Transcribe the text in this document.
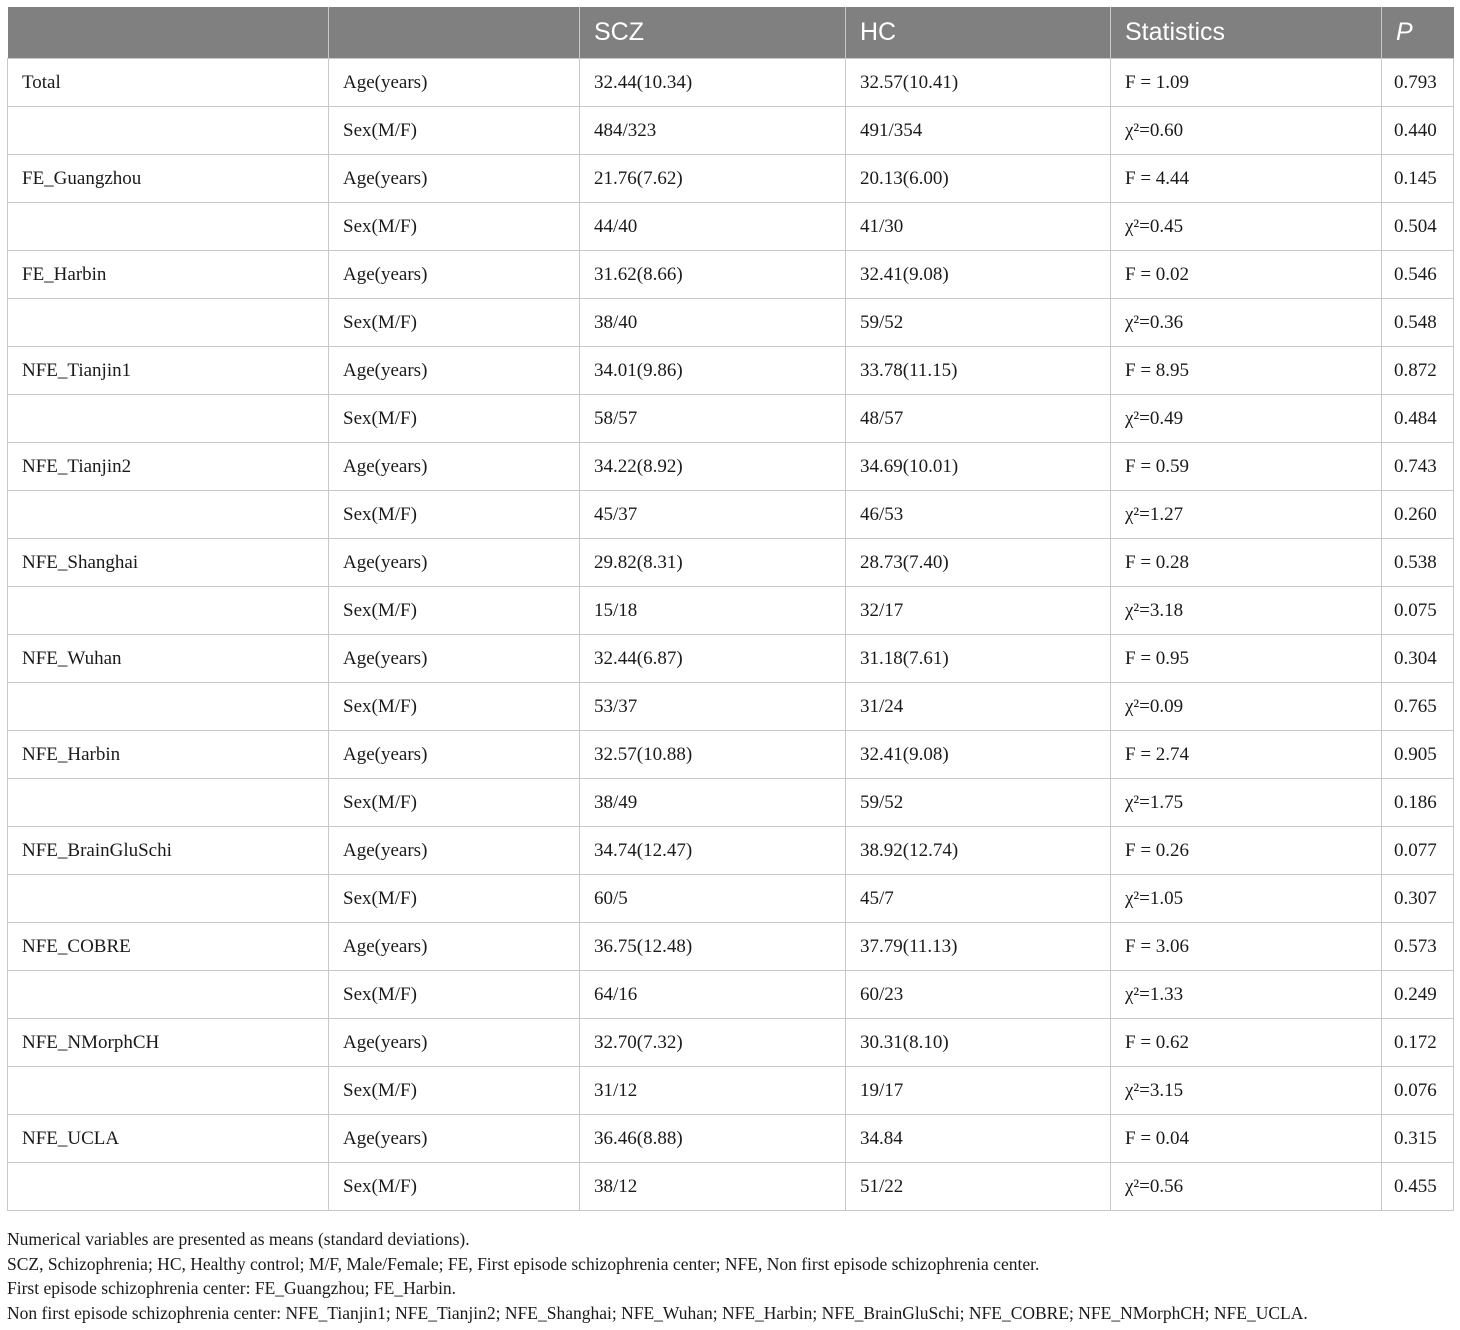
		SCZ	HC	Statistics	P
Total	Age(years)	32.44(10.34)	32.57(10.41)	F = 1.09	0.793
	Sex(M/F)	484/323	491/354	χ²=0.60	0.440
FE_Guangzhou	Age(years)	21.76(7.62)	20.13(6.00)	F = 4.44	0.145
	Sex(M/F)	44/40	41/30	χ²=0.45	0.504
FE_Harbin	Age(years)	31.62(8.66)	32.41(9.08)	F = 0.02	0.546
	Sex(M/F)	38/40	59/52	χ²=0.36	0.548
NFE_Tianjin1	Age(years)	34.01(9.86)	33.78(11.15)	F = 8.95	0.872
	Sex(M/F)	58/57	48/57	χ²=0.49	0.484
NFE_Tianjin2	Age(years)	34.22(8.92)	34.69(10.01)	F = 0.59	0.743
	Sex(M/F)	45/37	46/53	χ²=1.27	0.260
NFE_Shanghai	Age(years)	29.82(8.31)	28.73(7.40)	F = 0.28	0.538
	Sex(M/F)	15/18	32/17	χ²=3.18	0.075
NFE_Wuhan	Age(years)	32.44(6.87)	31.18(7.61)	F = 0.95	0.304
	Sex(M/F)	53/37	31/24	χ²=0.09	0.765
NFE_Harbin	Age(years)	32.57(10.88)	32.41(9.08)	F = 2.74	0.905
	Sex(M/F)	38/49	59/52	χ²=1.75	0.186
NFE_BrainGluSchi	Age(years)	34.74(12.47)	38.92(12.74)	F = 0.26	0.077
	Sex(M/F)	60/5	45/7	χ²=1.05	0.307
NFE_COBRE	Age(years)	36.75(12.48)	37.79(11.13)	F = 3.06	0.573
	Sex(M/F)	64/16	60/23	χ²=1.33	0.249
NFE_NMorphCH	Age(years)	32.70(7.32)	30.31(8.10)	F = 0.62	0.172
	Sex(M/F)	31/12	19/17	χ²=3.15	0.076
NFE_UCLA	Age(years)	36.46(8.88)	34.84	F = 0.04	0.315
	Sex(M/F)	38/12	51/22	χ²=0.56	0.455
Numerical variables are presented as means (standard deviations).
SCZ, Schizophrenia; HC, Healthy control; M/F, Male/Female; FE, First episode schizophrenia center; NFE, Non first episode schizophrenia center.
First episode schizophrenia center: FE_Guangzhou; FE_Harbin.
Non first episode schizophrenia center: NFE_Tianjin1; NFE_Tianjin2; NFE_Shanghai; NFE_Wuhan; NFE_Harbin; NFE_BrainGluSchi; NFE_COBRE; NFE_NMorphCH; NFE_UCLA.
